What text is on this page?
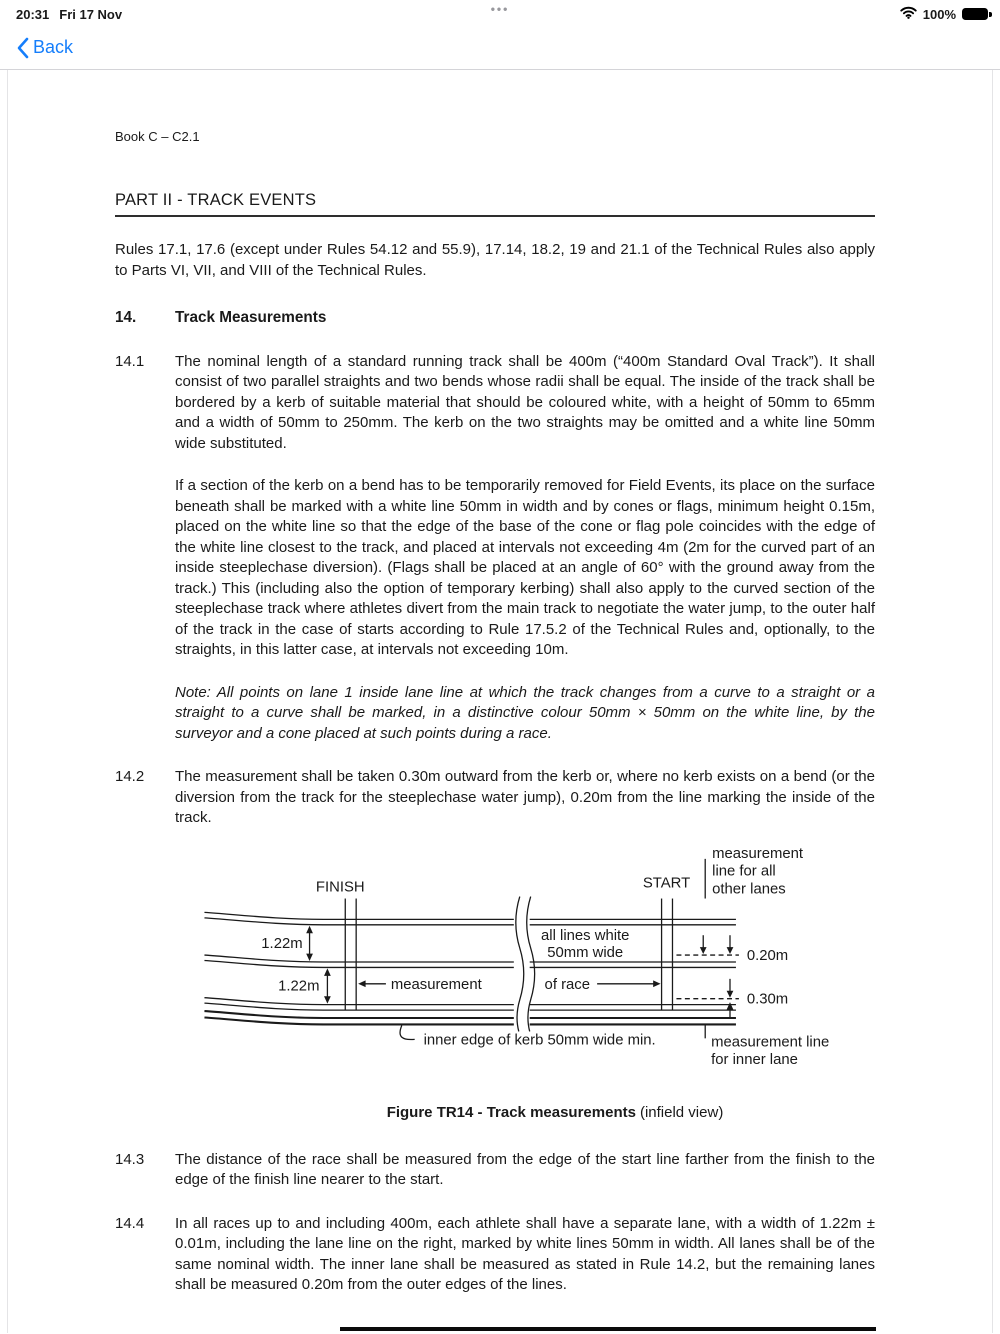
20:31 Fri 17 Nov	•••	100%
Back
Book C – C2.1
PART II - TRACK EVENTS

Rules 17.1, 17.6 (except under Rules 54.12 and 55.9), 17.14, 18.2, 19 and 21.1 of the Technical Rules also apply to Parts VI, VII, and VIII of the Technical Rules.

14.	Track Measurements
14.1	The nominal length of a standard running track shall be 400m (“400m Standard Oval Track”). It shall consist of two parallel straights and two bends whose radii shall be equal. The inside of the track shall be bordered by a kerb of suitable material that should be coloured white, with a height of 50mm to 65mm and a width of 50mm to 250mm. The kerb on the two straights may be omitted and a white line 50mm wide substituted.

If a section of the kerb on a bend has to be temporarily removed for Field Events, its place on the surface beneath shall be marked with a white line 50mm in width and by cones or flags, minimum height 0.15m, placed on the white line so that the edge of the base of the cone or flag pole coincides with the edge of the white line closest to the track, and placed at intervals not exceeding 4m (2m for the curved part of an inside steeplechase diversion). (Flags shall be placed at an angle of 60° with the ground away from the track.) This (including also the option of temporary kerbing) shall also apply to the curved section of the steeplechase track where athletes divert from the main track to negotiate the water jump, to the outer half of the track in the case of starts according to Rule 17.5.2 of the Technical Rules and, optionally, to the straights, in this latter case, at intervals not exceeding 10m.

Note: All points on lane 1 inside lane line at which the track changes from a curve to a straight or a straight to a curve shall be marked, in a distinctive colour 50mm × 50mm on the white line, by the surveyor and a cone placed at such points during a race.

14.2	The measurement shall be taken 0.30m outward from the kerb or, where no kerb exists on a bend (or the diversion from the track for the steeplechase water jump), 0.20m from the line marking the inside of the track.

FINISH	START
measurement
line for all
other lanes
1.22m
1.22m
all lines white
50mm wide
measurement	of race
0.20m
0.30m
inner edge of kerb 50mm wide min.	measurement line
for inner lane
Figure TR14 - Track measurements (infield view)
14.3	The distance of the race shall be measured from the edge of the start line farther from the finish to the edge of the finish line nearer to the start.

14.4	In all races up to and including 400m, each athlete shall have a separate lane, with a width of 1.22m ± 0.01m, including the lane line on the right, marked by white lines 50mm in width. All lanes shall be of the same nominal width. The inner lane shall be measured as stated in Rule 14.2, but the remaining lanes shall be measured 0.20m from the outer edges of the lines.
